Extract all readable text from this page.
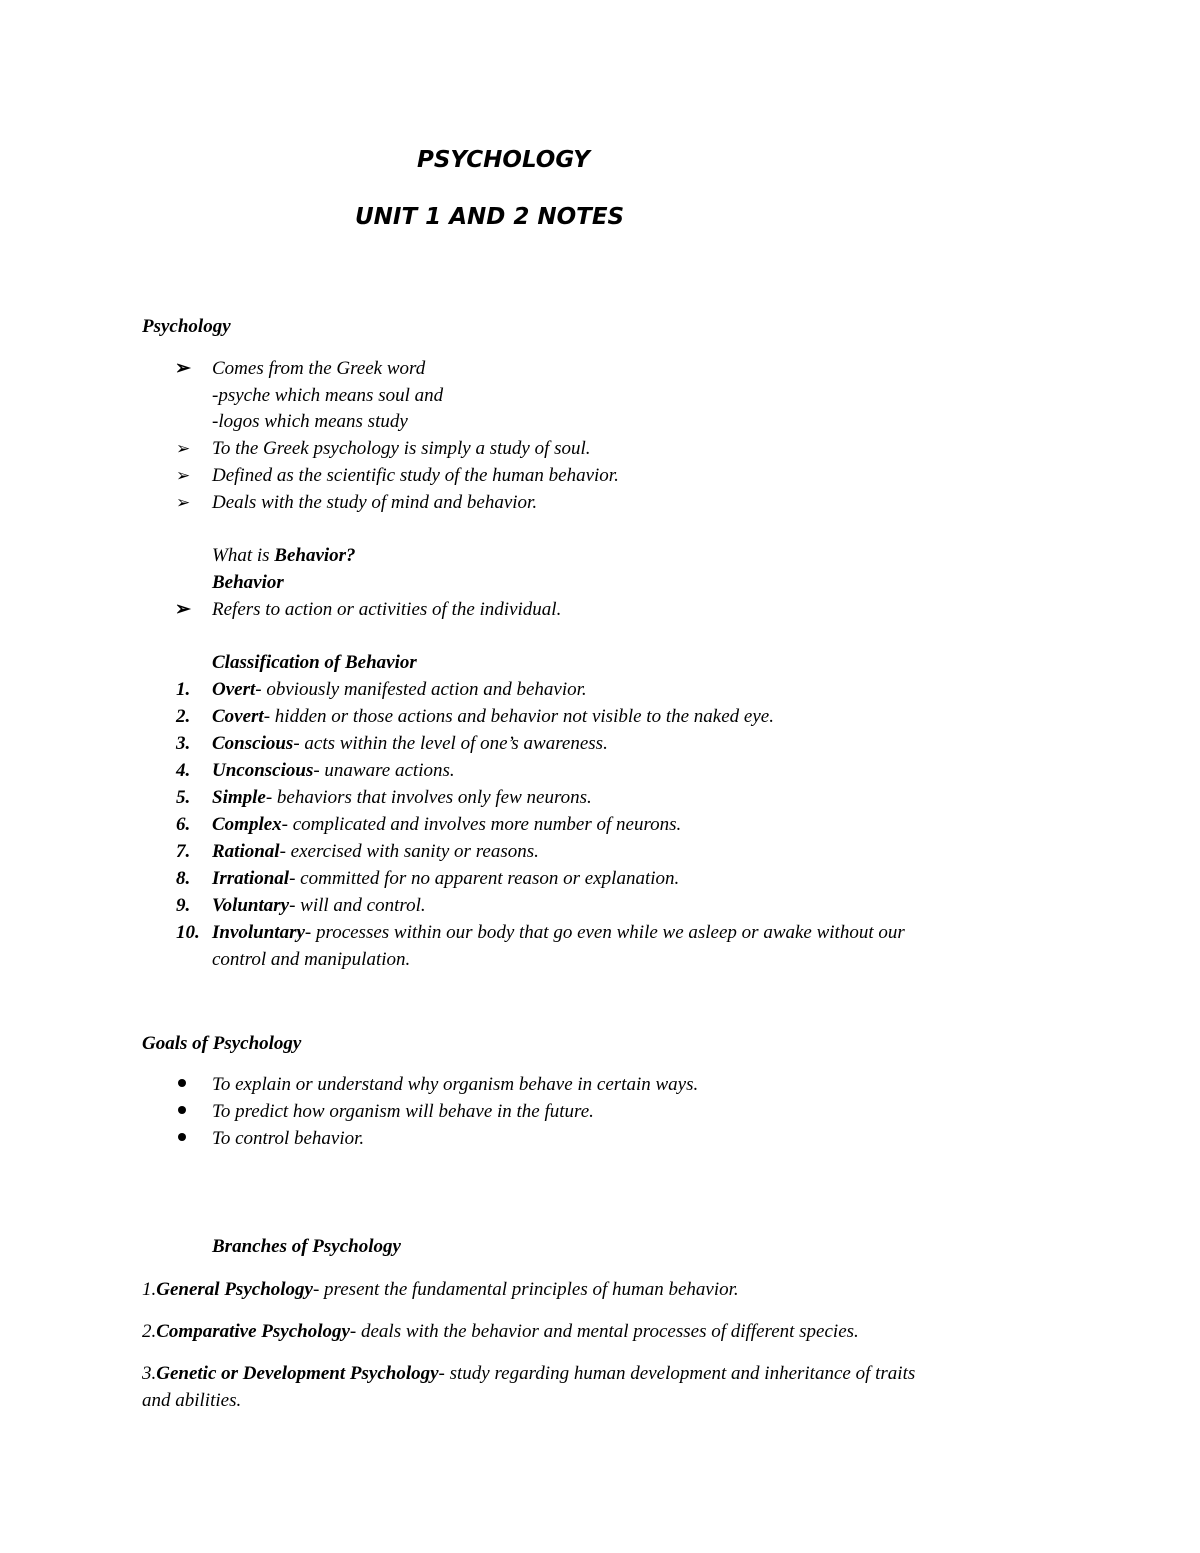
PSYCHOLOGY
UNIT 1 AND 2 NOTES
Psychology
➢ Comes from the Greek word
-psyche which means soul and
-logos which means study
➢ To the Greek psychology is simply a study of soul.
➢ Defined as the scientific study of the human behavior.
➢ Deals with the study of mind and behavior.
What is Behavior?
Behavior
➢ Refers to action or activities of the individual.
Classification of Behavior
1. Overt- obviously manifested action and behavior.
2. Covert- hidden or those actions and behavior not visible to the naked eye.
3. Conscious- acts within the level of one’s awareness.
4. Unconscious- unaware actions.
5. Simple- behaviors that involves only few neurons.
6. Complex- complicated and involves more number of neurons.
7. Rational- exercised with sanity or reasons.
8. Irrational- committed for no apparent reason or explanation.
9. Voluntary- will and control.
10. Involuntary- processes within our body that go even while we asleep or awake without our
control and manipulation.
Goals of Psychology
To explain or understand why organism behave in certain ways.
To predict how organism will behave in the future.
To control behavior.
Branches of Psychology
1.General Psychology- present the fundamental principles of human behavior.
2.Comparative Psychology- deals with the behavior and mental processes of different species.
3.Genetic or Development Psychology- study regarding human development and inheritance of traits
and abilities.
